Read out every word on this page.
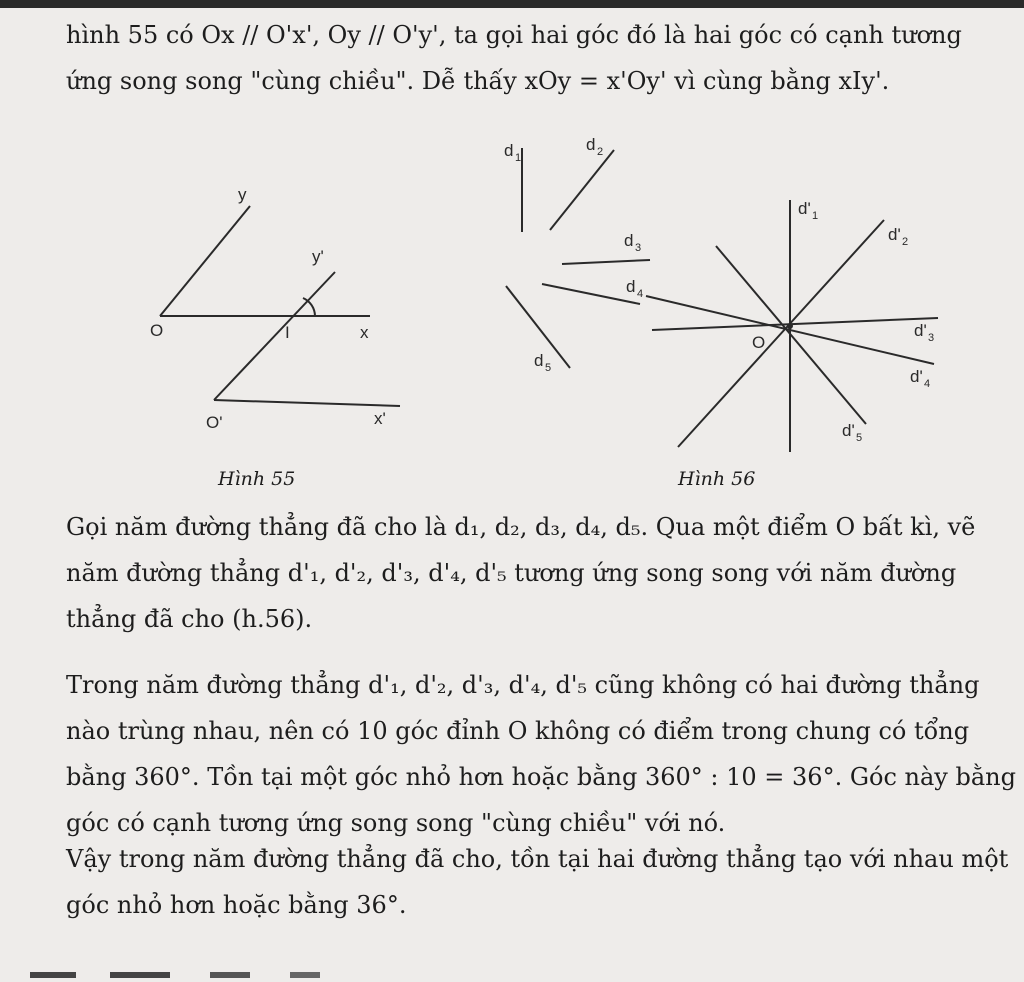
hình 55 có Ox // O'x', Oy // O'y', ta gọi hai góc đó là hai góc có cạnh tương
ứng song song "cùng chiều". Dễ thấy xOy = x'Oy' vì cùng bằng xIy'.
y
y'
O	I	x
O'	x'
d 1
d 2
d 3
d 4
d 5
O
d' 1
d' 2
d' 3
d' 4
d' 5
Hình 55	Hình 56
Gọi năm đường thẳng đã cho là d₁, d₂, d₃, d₄, d₅. Qua một điểm O bất kì, vẽ
năm đường thẳng d'₁, d'₂, d'₃, d'₄, d'₅ tương ứng song song với năm đường
thẳng đã cho (h.56).
Trong năm đường thẳng d'₁, d'₂, d'₃, d'₄, d'₅ cũng không có hai đường thẳng
nào trùng nhau, nên có 10 góc đỉnh O không có điểm trong chung có tổng
bằng 360°. Tồn tại một góc nhỏ hơn hoặc bằng 360° : 10 = 36°. Góc này bằng
góc có cạnh tương ứng song song "cùng chiều" với nó.
Vậy trong năm đường thẳng đã cho, tồn tại hai đường thẳng tạo với nhau một
góc nhỏ hơn hoặc bằng 36°.
